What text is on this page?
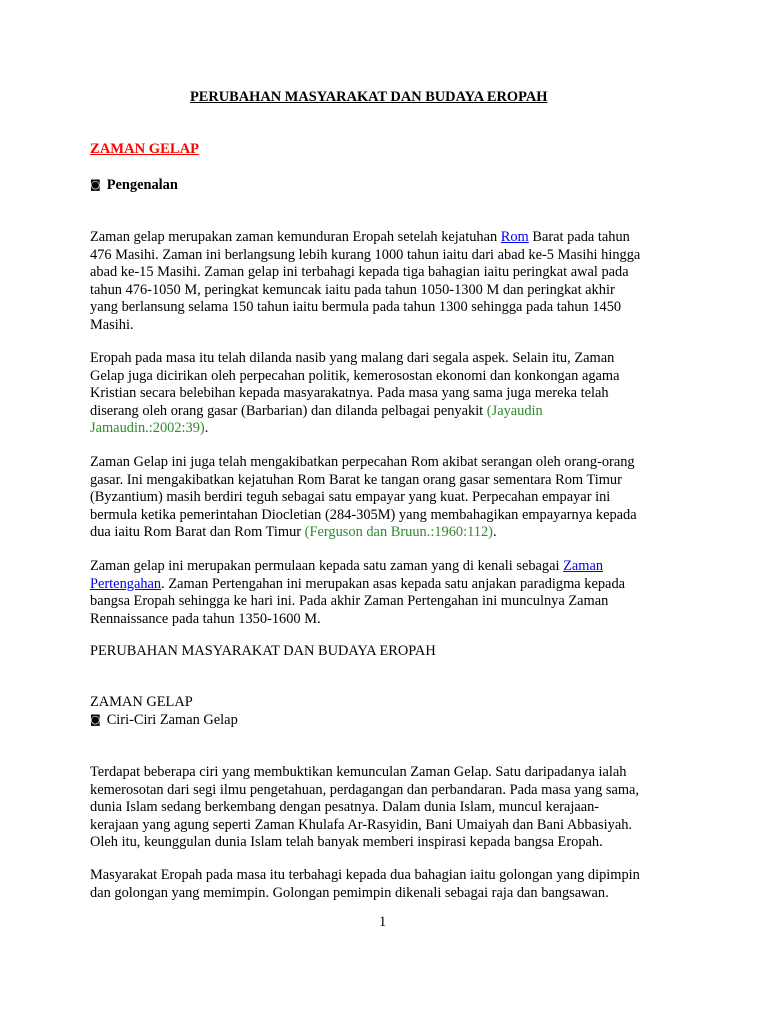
PERUBAHAN MASYARAKAT DAN BUDAYA EROPAH

ZAMAN GELAP

◙ Pengenalan

Zaman gelap merupakan zaman kemunduran Eropah setelah kejatuhan Rom Barat pada tahun
476 Masihi. Zaman ini berlangsung lebih kurang 1000 tahun iaitu dari abad ke-5 Masihi hingga
abad ke-15 Masihi. Zaman gelap ini terbahagi kepada tiga bahagian iaitu peringkat awal pada
tahun 476-1050 M, peringkat kemuncak iaitu pada tahun 1050-1300 M dan peringkat akhir
yang berlansung selama 150 tahun iaitu bermula pada tahun 1300 sehingga pada tahun 1450
Masihi.
Eropah pada masa itu telah dilanda nasib yang malang dari segala aspek. Selain itu, Zaman
Gelap juga dicirikan oleh perpecahan politik, kemerosostan ekonomi dan konkongan agama
Kristian secara belebihan kepada masyarakatnya. Pada masa yang sama juga mereka telah
diserang oleh orang gasar (Barbarian) dan dilanda pelbagai penyakit (Jayaudin
Jamaudin.:2002:39).
Zaman Gelap ini juga telah mengakibatkan perpecahan Rom akibat serangan oleh orang-orang
gasar. Ini mengakibatkan kejatuhan Rom Barat ke tangan orang gasar sementara Rom Timur
(Byzantium) masih berdiri teguh sebagai satu empayar yang kuat. Perpecahan empayar ini
bermula ketika pemerintahan Diocletian (284-305M) yang membahagikan empayarnya kepada
dua iaitu Rom Barat dan Rom Timur (Ferguson dan Bruun.:1960:112).
Zaman gelap ini merupakan permulaan kepada satu zaman yang di kenali sebagai Zaman
Pertengahan. Zaman Pertengahan ini merupakan asas kepada satu anjakan paradigma kepada
bangsa Eropah sehingga ke hari ini. Pada akhir Zaman Pertengahan ini munculnya Zaman
Rennaissance pada tahun 1350-1600 M.

PERUBAHAN MASYARAKAT DAN BUDAYA EROPAH

ZAMAN GELAP

◙ Ciri-Ciri Zaman Gelap

Terdapat beberapa ciri yang membuktikan kemunculan Zaman Gelap. Satu daripadanya ialah
kemerosotan dari segi ilmu pengetahuan, perdagangan dan perbandaran. Pada masa yang sama,
dunia Islam sedang berkembang dengan pesatnya. Dalam dunia Islam, muncul kerajaan-
kerajaan yang agung seperti Zaman Khulafa Ar-Rasyidin, Bani Umaiyah dan Bani Abbasiyah.
Oleh itu, keunggulan dunia Islam telah banyak memberi inspirasi kepada bangsa Eropah.
Masyarakat Eropah pada masa itu terbahagi kepada dua bahagian iaitu golongan yang dipimpin
dan golongan yang memimpin. Golongan pemimpin dikenali sebagai raja dan bangsawan.

1
